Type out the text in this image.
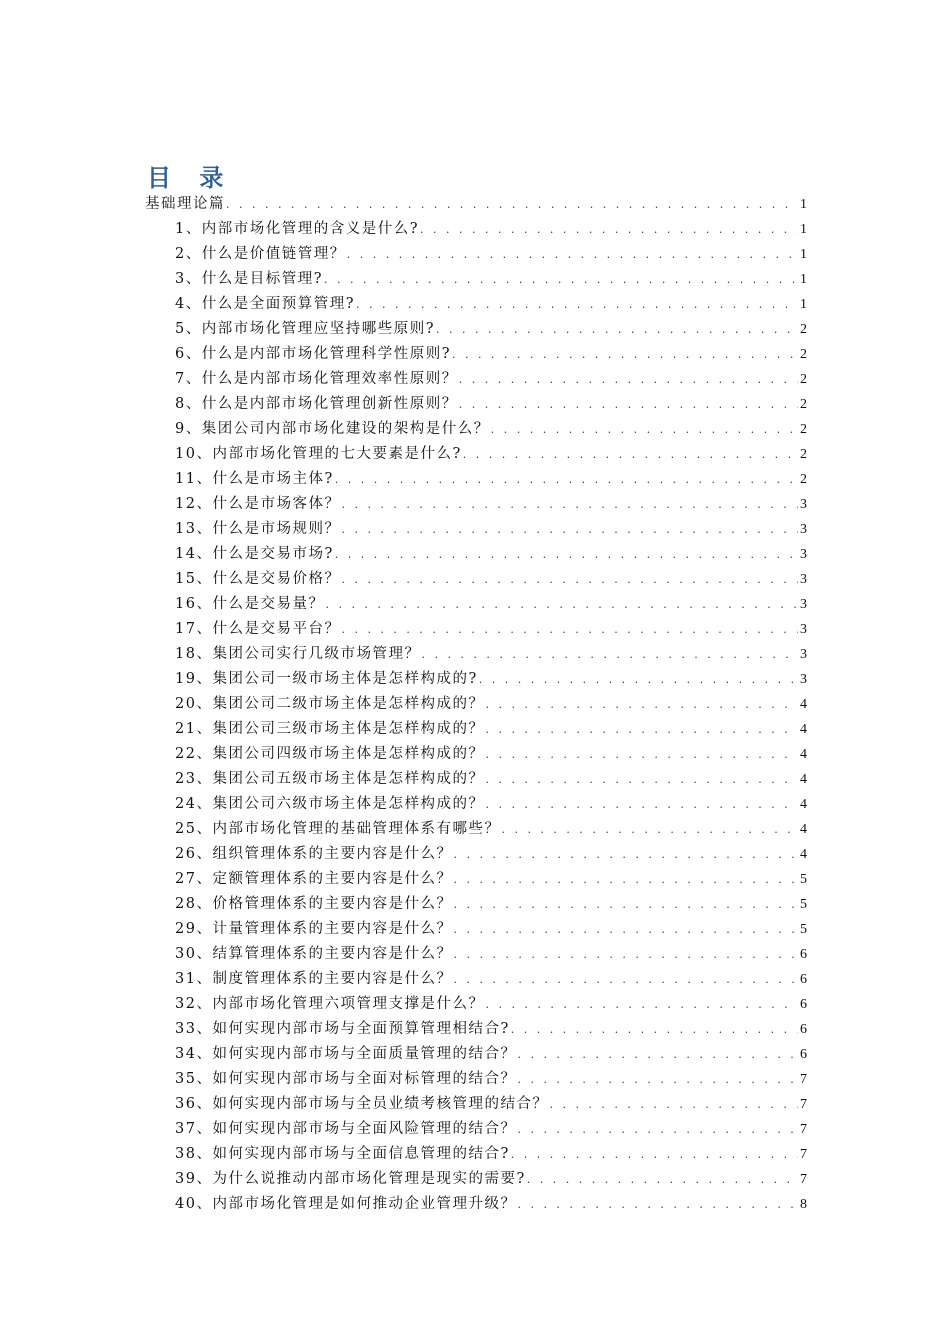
目 录
基础理论篇 . . .	1
1、内部市场化管理的含义是什么? . . .	1
2、什么是价值链管理？ . . .	1
3、什么是目标管理? . . .	1
4、什么是全面预算管理? . . .	1
5、内部市场化管理应坚持哪些原则? . . .	2
6、什么是内部市场化管理科学性原则? . . .	2
7、什么是内部市场化管理效率性原则？ . . .	2
8、什么是内部市场化管理创新性原则？ . . .	2
9、集团公司内部市场化建设的架构是什么？ . . .	2
10、内部市场化管理的七大要素是什么? . . .	2
11、什么是市场主体? . . .	2
12、什么是市场客体？ . . .	3
13、什么是市场规则？ . . .	3
14、什么是交易市场? . . .	3
15、什么是交易价格？ . . .	3
16、什么是交易量？ . . .	3
17、什么是交易平台？ . . .	3
18、集团公司实行几级市场管理？ . . .	3
19、集团公司一级市场主体是怎样构成的? . . .	3
20、集团公司二级市场主体是怎样构成的？ . . .	4
21、集团公司三级市场主体是怎样构成的？ . . .	4
22、集团公司四级市场主体是怎样构成的？ . . .	4
23、集团公司五级市场主体是怎样构成的？ . . .	4
24、集团公司六级市场主体是怎样构成的？ . . .	4
25、内部市场化管理的基础管理体系有哪些？ . . .	4
26、组织管理体系的主要内容是什么？ . . .	4
27、定额管理体系的主要内容是什么？ . . .	5
28、价格管理体系的主要内容是什么？ . . .	5
29、计量管理体系的主要内容是什么？ . . .	5
30、结算管理体系的主要内容是什么？ . . .	6
31、制度管理体系的主要内容是什么？ . . .	6
32、内部市场化管理六项管理支撑是什么？ . . .	6
33、如何实现内部市场与全面预算管理相结合? . . .	6
34、如何实现内部市场与全面质量管理的结合？ . . .	6
35、如何实现内部市场与全面对标管理的结合？ . . .	7
36、如何实现内部市场与全员业绩考核管理的结合？ . . .	7
37、如何实现内部市场与全面风险管理的结合？ . . .	7
38、如何实现内部市场与全面信息管理的结合? . . .	7
39、为什么说推动内部市场化管理是现实的需要? . . .	7
40、内部市场化管理是如何推动企业管理升级？ . . .	8
